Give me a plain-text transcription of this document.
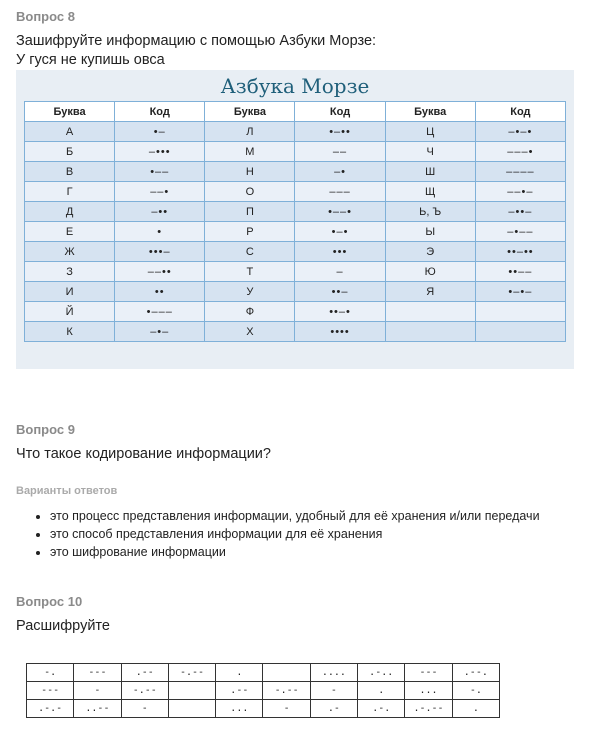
Вопрос 8
Зашифруйте информацию с помощью Азбуки Морзе:
У гуся не купишь овса
Азбука Морзе
Буква	Код	Буква	Код	Буква	Код
А	•–	Л	•–••	Ц	–•–•
Б	–•••	М	––	Ч	–––•
В	•––	Н	–•	Ш	––––
Г	––•	О	–––	Щ	––•–
Д	–••	П	•––•	Ь, Ъ	–••–
Е	•	Р	•–•	Ы	–•––
Ж	•••–	С	•••	Э	••–••
З	––••	Т	–	Ю	••––
И	••	У	••–	Я	•–•–
Й	•–––	Ф	••–•		
К	–•–	Х	••••		
Вопрос 9
Что такое кодирование информации?
Варианты ответов
• это процесс представления информации, удобный для её хранения и/или передачи
• это способ представления информации для её хранения
• это шифрование информации
Вопрос 10
Расшифруйте
-.	---	.--	-.--	.		....	.-..	---	.--.
---	-	-.--		.--	-.--	-	.	...	-.
.-.-	..--	-		...	-	.-	.-.	.-.--	.
